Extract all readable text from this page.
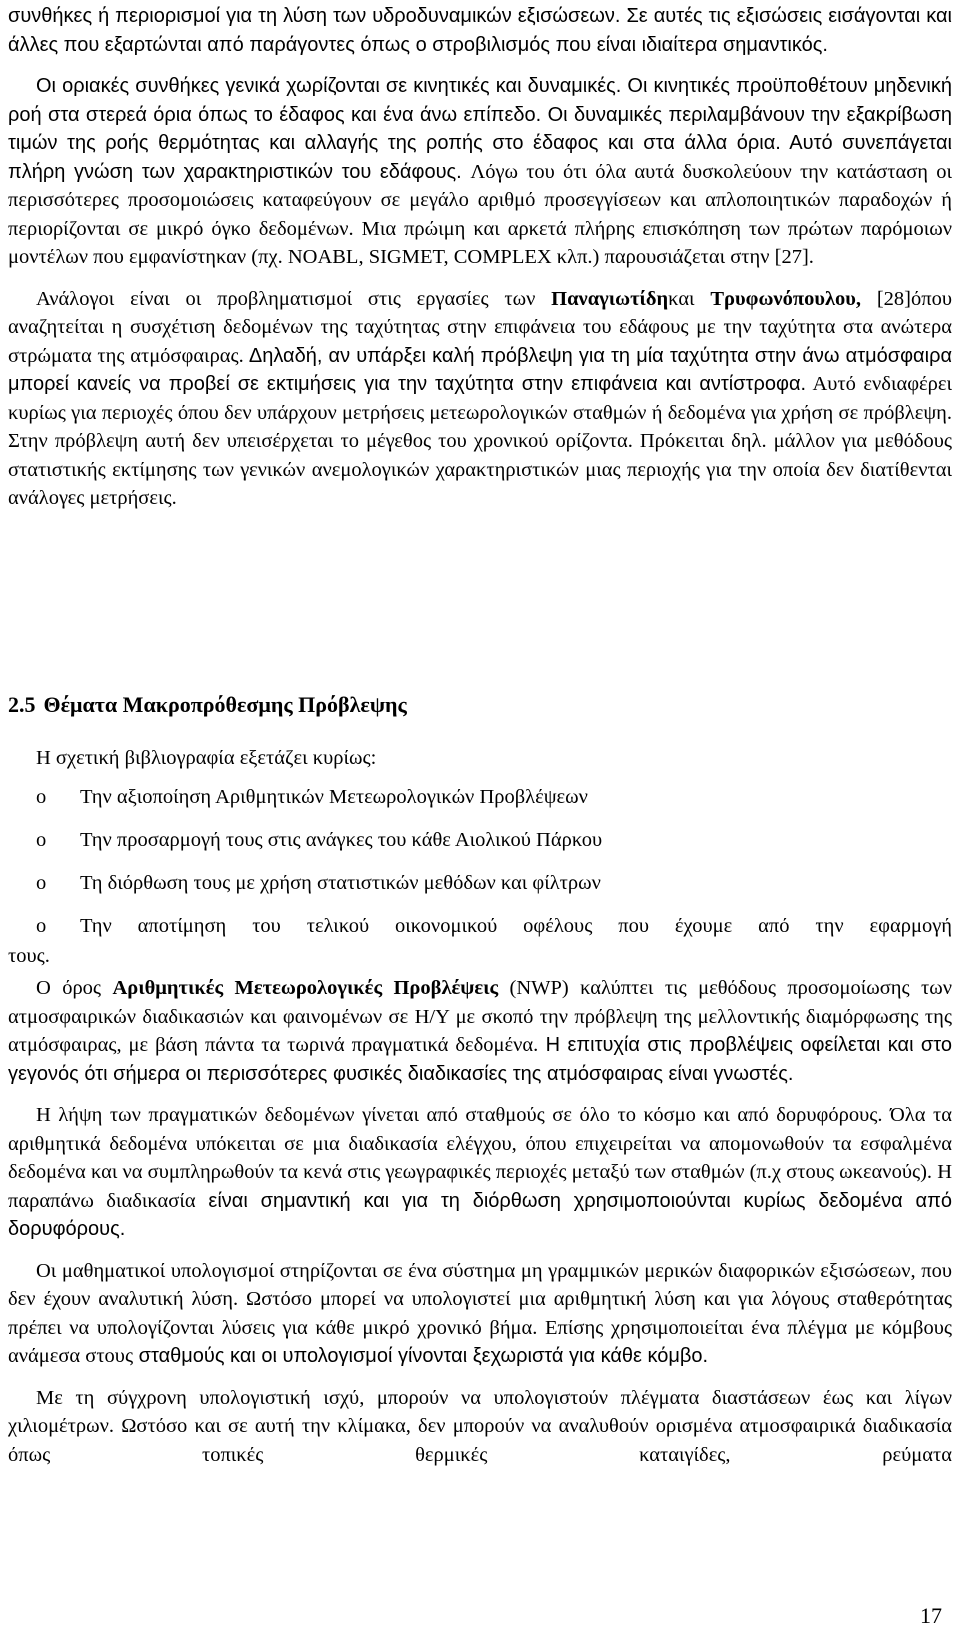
συνθήκες ή περιορισμοί για τη λύση των υδροδυναμικών εξισώσεων. Σε αυτές τις εξισώσεις εισάγονται και άλλες που εξαρτώνται από παράγοντες όπως ο στροβιλισμός που είναι ιδιαίτερα σημαντικός.

Οι οριακές συνθήκες γενικά χωρίζονται σε κινητικές και δυναμικές. Οι κινητικές προϋποθέτουν μηδενική ροή στα στερεά όρια όπως το έδαφος και ένα άνω επίπεδο. Οι δυναμικές περιλαμβάνουν την εξακρίβωση τιμών της ροής θερμότητας και αλλαγής της ροπής στο έδαφος και στα άλλα όρια. Αυτό συνεπάγεται πλήρη γνώση των χαρακτηριστικών του εδάφους. Λόγω του ότι όλα αυτά δυσκολεύουν την κατάσταση οι περισσότερες προσομοιώσεις καταφεύγουν σε μεγάλο αριθμό προσεγγίσεων και απλοποιητικών παραδοχών ή περιορίζονται σε μικρό όγκο δεδομένων. Μια πρώιμη και αρκετά πλήρης επισκόπηση των πρώτων παρόμοιων μοντέλων που εμφανίστηκαν (πχ. NOABL, SIGMET, COMPLEX κλπ.) παρουσιάζεται στην [27].

Ανάλογοι είναι οι προβληματισμοί στις εργασίες των Παναγιωτίδηκαι Τρυφωνόπουλου, [28]όπου αναζητείται η συσχέτιση δεδομένων της ταχύτητας στην επιφάνεια του εδάφους με την ταχύτητα στα ανώτερα στρώματα της ατμόσφαιρας. Δηλαδή, αν υπάρξει καλή πρόβλεψη για τη μία ταχύτητα στην άνω ατμόσφαιρα μπορεί κανείς να προβεί σε εκτιμήσεις για την ταχύτητα στην επιφάνεια και αντίστροφα. Αυτό ενδιαφέρει κυρίως για περιοχές όπου δεν υπάρχουν μετρήσεις μετεωρολογικών σταθμών ή δεδομένα για χρήση σε πρόβλεψη. Στην πρόβλεψη αυτή δεν υπεισέρχεται το μέγεθος του χρονικού ορίζοντα. Πρόκειται δηλ. μάλλον για μεθόδους στατιστικής εκτίμησης των γενικών ανεμολογικών χαρακτηριστικών μιας περιοχής για την οποία δεν διατίθενται ανάλογες μετρήσεις.

2.5 Θέματα Μακροπρόθεσμης Πρόβλεψης

Η σχετική βιβλιογραφία εξετάζει κυρίως:

o	Την αξιοποίηση Αριθμητικών Μετεωρολογικών Προβλέψεων
o	Την προσαρμογή τους στις ανάγκες του κάθε Αιολικού Πάρκου
o	Τη διόρθωση τους με χρήση στατιστικών μεθόδων και φίλτρων
o	Την αποτίμηση του τελικού οικονομικού οφέλους που έχουμε από την εφαρμογή

τους.

Ο όρος Αριθμητικές Μετεωρολογικές Προβλέψεις (NWP) καλύπτει τις μεθόδους προσομοίωσης των ατμοσφαιρικών διαδικασιών και φαινομένων σε Η/Υ με σκοπό την πρόβλεψη της μελλοντικής διαμόρφωσης της ατμόσφαιρας, με βάση πάντα τα τωρινά πραγματικά δεδομένα. Η επιτυχία στις προβλέψεις οφείλεται και στο γεγονός ότι σήμερα οι περισσότερες φυσικές διαδικασίες της ατμόσφαιρας είναι γνωστές.

Η λήψη των πραγματικών δεδομένων γίνεται από σταθμούς σε όλο το κόσμο και από δορυφόρους. Όλα τα αριθμητικά δεδομένα υπόκειται σε μια διαδικασία ελέγχου, όπου επιχειρείται να απομονωθούν τα εσφαλμένα δεδομένα και να συμπληρωθούν τα κενά στις γεωγραφικές περιοχές μεταξύ των σταθμών (π.χ στους ωκεανούς). Η παραπάνω διαδικασία είναι σημαντική και για τη διόρθωση χρησιμοποιούνται κυρίως δεδομένα από δορυφόρους.

Οι μαθηματικοί υπολογισμοί στηρίζονται σε ένα σύστημα μη γραμμικών μερικών διαφορικών εξισώσεων, που δεν έχουν αναλυτική λύση. Ωστόσο μπορεί να υπολογιστεί μια αριθμητική λύση και για λόγους σταθερότητας πρέπει να υπολογίζονται λύσεις για κάθε μικρό χρονικό βήμα. Επίσης χρησιμοποιείται ένα πλέγμα με κόμβους ανάμεσα στους σταθμούς και οι υπολογισμοί γίνονται ξεχωριστά για κάθε κόμβο.

Με τη σύγχρονη υπολογιστική ισχύ, μπορούν να υπολογιστούν πλέγματα διαστάσεων έως και λίγων χιλιομέτρων. Ωστόσο και σε αυτή την κλίμακα, δεν μπορούν να αναλυθούν ορισμένα ατμοσφαιρικά διαδικασία όπως τοπικές θερμικές καταιγίδες, ρεύματα

17
